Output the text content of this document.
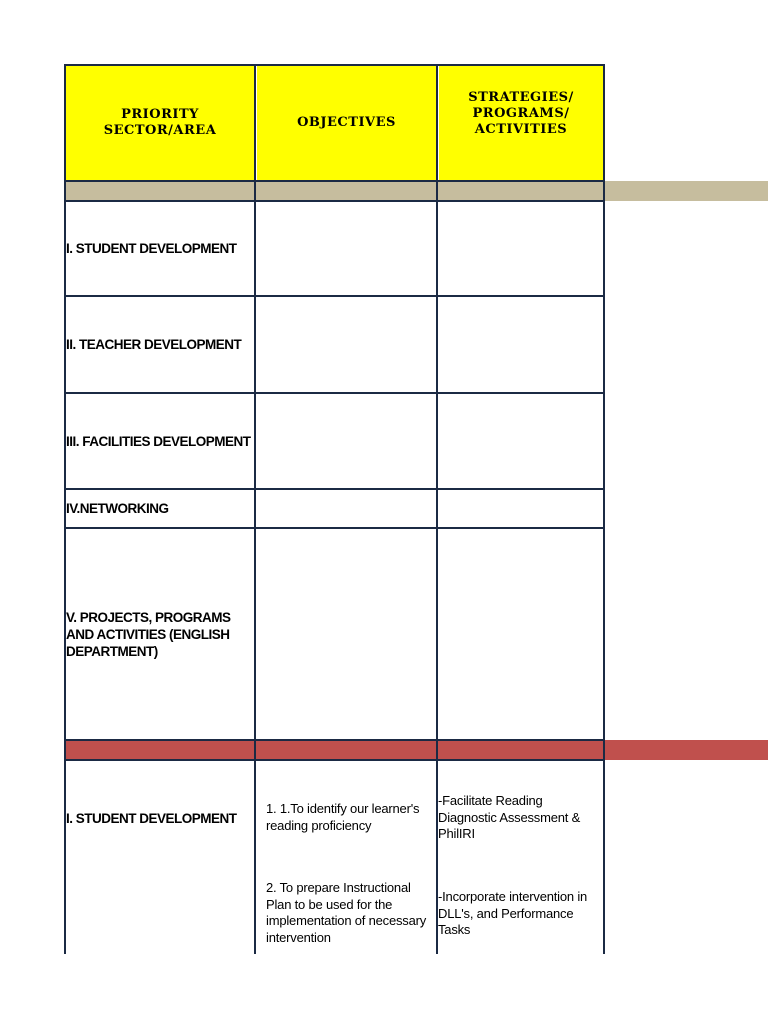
PRIORITY
SECTOR/AREA
OBJECTIVES
STRATEGIES/
PROGRAMS/
ACTIVITIES
I. STUDENT DEVELOPMENT
II. TEACHER DEVELOPMENT
III. FACILITIES DEVELOPMENT
IV.NETWORKING
V. PROJECTS, PROGRAMS AND ACTIVITIES (ENGLISH DEPARTMENT)
I. STUDENT DEVELOPMENT
1. 1.To identify our learner's reading proficiency
2. To prepare Instructional Plan to be used for the implementation of necessary intervention
-Facilitate Reading Diagnostic Assessment & PhilIRI
-Incorporate intervention in DLL's, and Performance Tasks
